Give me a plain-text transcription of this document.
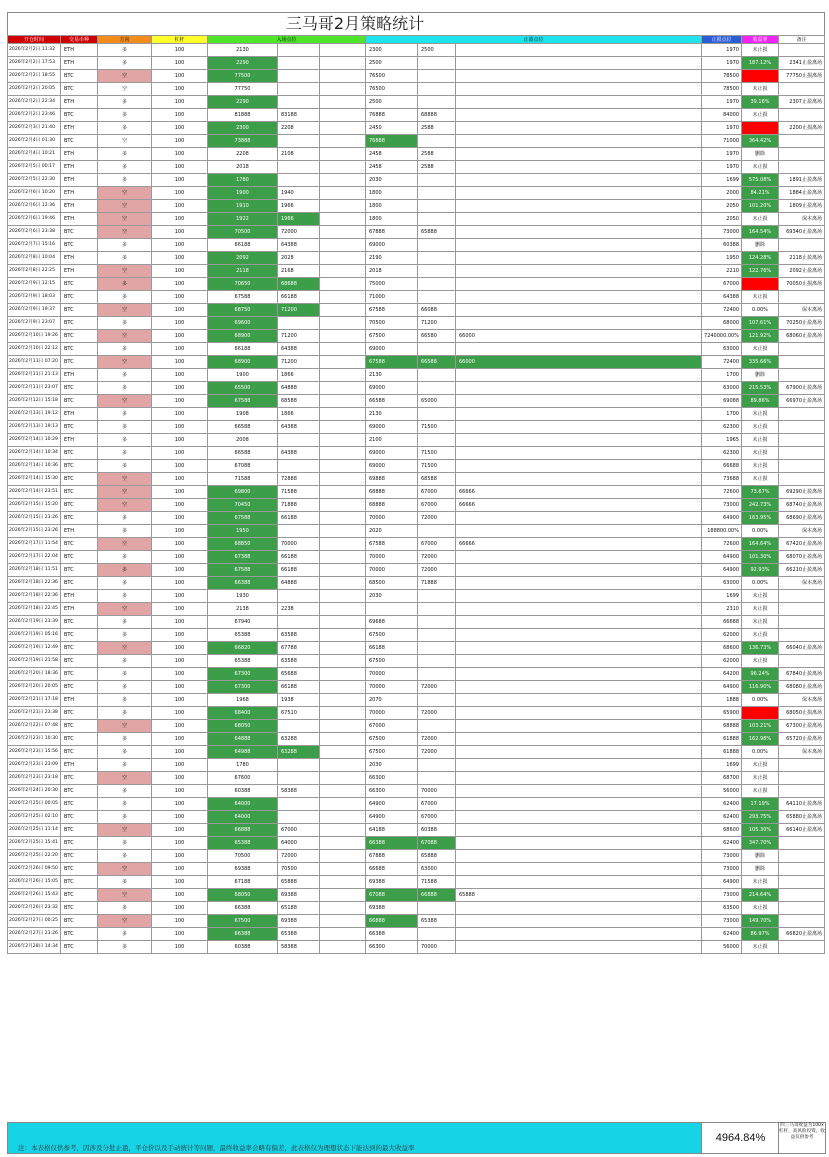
三马哥2月策略统计
开仓时间	交易币种	方向	杠杆	入场点位			止盈点位			止损点位	收益率	备注
2026年2月2日 11:32	ETH	多	100	2130			2300	2500		1970	未止损	
2026年2月2日 17:53	ETH	多	100	2290			2500			1970	187.12%	2341止盈离场
2026年2月2日 18:55	BTC	空	100	77500			76500			78500		77750止损离场
2026年2月2日 20:05	BTC	空	100	77750			76500			78500	未止损	
2026年2月2日 22:34	ETH	多	100	2290			2500			1970	39.16%	2307止盈离场
2026年2月2日 23:46	BTC	多	100	81888	83188		76888	68888		84000	未止损	
2026年2月3日 21:40	ETH	多	100	2300	2208		2450	2588		1970		2200止损离场
2026年2月4日 01:30	BTC	空	100	73888			76888			71000	364.42%	
2026年2月4日 10:21	ETH	多	100	2208	2108		2458	2588		1970	删除	
2026年2月5日 00:17	ETH	多	100	2018			2458	2588		1970	未止损	
2026年2月5日 22:30	ETH	多	100	1780			2030			1699	575.08%	1891止盈离场
2026年2月6日 10:20	ETH	空	100	1900	1940		1800			2000	84.21%	1884止盈离场
2026年2月6日 12:36	ETH	空	100	1910	1966		1800			2050	101.20%	1809止盈离场
2026年2月6日 19:46	ETH	空	100	1922	1966		1800			2050	未止损	保本离场
2026年2月6日 23:38	BTC	空	100	70500	72000		67888	65888		73000	164.54%	69340止盈离场
2026年2月7日 15:16	BTC	多	100	66188	64388		69000			60388	删除	
2026年2月8日 10:04	ETH	多	100	2092	2028		2190			1950	124.28%	2118止盈离场
2026年2月8日 22:25	ETH	空	100	2118	2168		2018			2210	122.76%	2092止盈离场
2026年2月9日 12:15	BTC	多	100	70650	68688		75000			67000		70050止损离场
2026年2月9日 18:03	BTC	多	100	67588	66188		71000			64388	未止损	
2026年2月9日 19:37	BTC	空	100	68750	71200		67588	66088		72400	0.00%	保本离场
2026年2月9日 23:07	BTC	多	100	69600			70500	71200		68000	107.61%	70250止盈离场
2026年2月10日 19:26	BTC	空	100	68900	71200		67500	66580	66000	7240000.00%	121.92%	68060止盈离场
2026年2月10日 22:12	BTC	多	100	66188	64388		69000			63000	未止损	
2026年2月11日 07:20	BTC	空	100	68900	71200		67588	66588	66000	72400	335.66%	
2026年2月11日 21:13	ETH	多	100	1900	1866		2130			1700	删除	
2026年2月11日 23:07	BTC	多	100	65500	64888		69000			63000	215.53%	67900止盈离场
2026年2月12日 15:18	BTC	空	100	67588	68588		66588	65000		69088	89.86%	66970止盈离场
2026年2月13日 19:12	ETH	多	100	1908	1866		2130			1700	未止损	
2026年2月13日 19:13	BTC	多	100	66588	64388		69000	71500		62300	未止损	
2026年2月14日 10:29	ETH	多	100	2008			2100			1965	未止损	
2026年2月14日 10:34	BTC	多	100	66588	64388		69000	71500		62300	未止损	
2026年2月14日 10:36	BTC	多	100	67088			69000	71500		66688	未止损	
2026年2月14日 15:30	BTC	空	100	71588	72888		69888	68588		73688	未止损	
2026年2月14日 23:51	BTC	空	100	69800	71588		68888	67000	66666	72600	73.67%	69290止盈离场
2026年2月15日 15:20	BTC	空	100	70450	71888		68888	67000	66666	73000	242.73%	68740止盈离场
2026年2月15日 23:26	BTC	多	100	67588	66188		70000	72000		64900	163.95%	68690止盈离场
2026年2月15日 23:26	ETH	多	100	1950			2020			188800.00%	0.00%	保本离场
2026年2月17日 11:54	BTC	空	100	68850	70000		67588	67000	66666	72600	164.64%	67420止盈离场
2026年2月17日 22:04	BTC	多	100	67388	66188		70000	72000		64900	101.30%	68070止盈离场
2026年2月18日 11:51	BTC	多	100	67588	66188		70000	72000		64900	92.93%	66210止盈离场
2026年2月18日 22:36	BTC	多	100	66388	64888		68500	71888		63000	0.00%	保本离场
2026年2月18日 22:36	ETH	多	100	1930			2030			1699	未止损	
2026年2月18日 22:45	ETH	空	100	2138	2238					2310	未止损	
2026年2月19日 23:39	BTC	多	100	67940			69688			66688	未止损	
2026年2月19日 05:16	BTC	多	100	65388	63588		67500			62000	未止损	
2026年2月19日 12:49	BTC	空	100	66820	67788		66188			68600	136.73%	66040止盈离场
2026年2月19日 21:58	BTC	多	100	65388	63588		67500			62000	未止损	
2026年2月20日 18:36	BTC	多	100	67300	65688		70000			64200	96.24%	67840止盈离场
2026年2月20日 20:05	BTC	多	100	67300	66188		70000	72000		64900	116.90%	68080止盈离场
2026年2月21日 17:18	ETH	多	100	1968	1938		2070			1888	0.00%	保本离场
2026年2月21日 23:38	BTC	多	100	68400	67510		70000	72000		65900		68050止损离场
2026年2月22日 07:48	BTC	空	100	68050			67000			68888	103.21%	67300止盈离场
2026年2月23日 10:30	BTC	多	100	64888	63288		67500	72000		61888	162.98%	65720止盈离场
2026年2月23日 15:56	BTC	多	100	64988	63288		67500	72000		61888	0.00%	保本离场
2026年2月23日 23:09	ETH	多	100	1780			2030			1699	未止损	
2026年2月23日 23:18	BTC	空	100	67600			66300			68700	未止损	
2026年2月24日 20:30	BTC	多	100	60388	58388		66300	70000		56000	未止损	
2026年2月25日 00:05	BTC	多	100	64000			64900	67000		62400	17.19%	64110止盈离场
2026年2月25日 02:10	BTC	多	100	64000			64900	67000		62400	293.75%	65880止盈离场
2026年2月25日 11:14	BTC	空	100	66888	67000		64188	60388		68600	105.30%	66140止盈离场
2026年2月25日 15:41	BTC	多	100	65388	64000		66388	67088		62400	347.70%	
2026年2月25日 22:20	BTC	多	100	70500	72000		67888	65888		73000	删除	
2026年2月26日 09:50	BTC	空	100	69388	70500		66688	63000		73000	删除	
2026年2月26日 15:05	BTC	多	100	67188	65888		69388	71588		64900	未止损	
2026年2月26日 15:43	BTC	空	100	68050	69388		67088	66888	65888	73000	214.64%	
2026年2月26日 23:32	BTC	多	100	66388	65188		69388			63500	未止损	
2026年2月27日 00:25	BTC	空	100	67500	69388		66888	65388		73000	149.70%	
2026年2月27日 23:26	BTC	多	100	66388	65388		66388			62400	86.97%	66820止盈离场
2026年2月28日 14:34	BTC	多	100	60388	58388		66300	70000		56000	未止损	
注：本表格仅供参考，因涉及分批止盈，平仓价以及手动统计等问题，最终收益率会略有偏差，此表格仅为理想状态下能达到的最大收益率
4964.84%
四三马哥收益为100x杠杆，高风险投资，收益仅供参考
